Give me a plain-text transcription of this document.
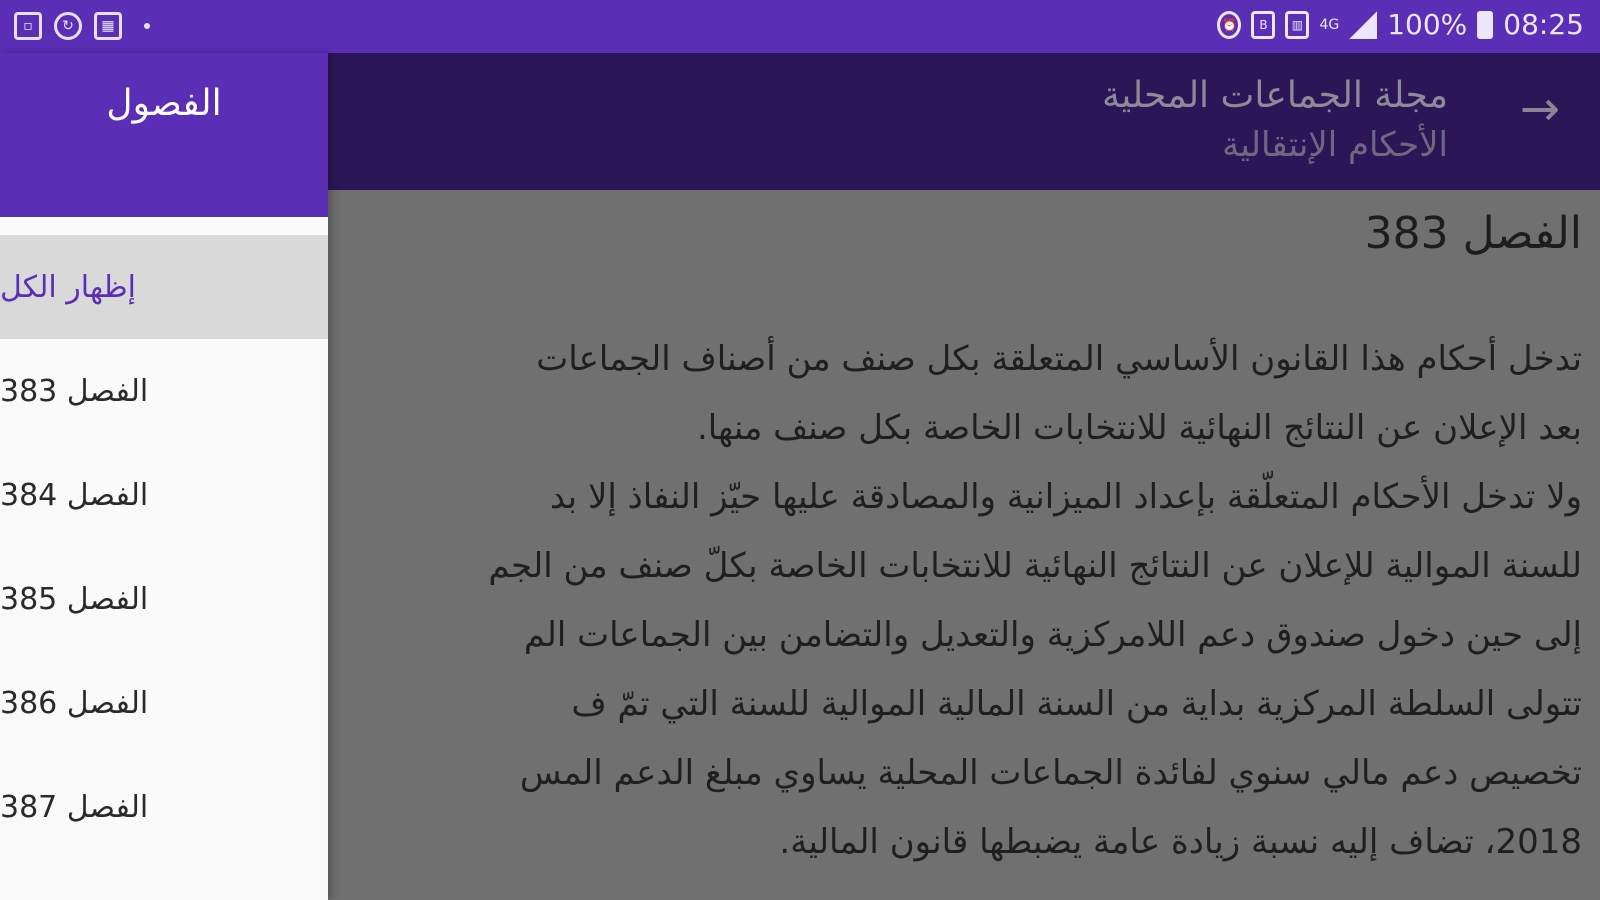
▫	↻	▦	⏰	B	▥	4G 100% 08:25
مجلة الجماعات المحلية
الأحكام الإنتقالية
→
الفصل 383
تدخل أحكام هذا القانون الأساسي المتعلقة بكل صنف من أصناف الجماعات
بعد الإعلان عن النتائج النهائية للانتخابات الخاصة بكل صنف منها.
ولا تدخل الأحكام المتعلّقة بإعداد الميزانية والمصادقة عليها حيّز النفاذ إلا بد
للسنة الموالية للإعلان عن النتائج النهائية للانتخابات الخاصة بكلّ صنف من الجم
إلى حين دخول صندوق دعم اللامركزية والتعديل والتضامن بين الجماعات الم
تتولى السلطة المركزية بداية من السنة المالية الموالية للسنة التي تمّ ف
تخصيص دعم مالي سنوي لفائدة الجماعات المحلية يساوي مبلغ الدعم المس
2018، تضاف إليه نسبة زيادة عامة يضبطها قانون المالية.
الفصول
إظهار الكل
الفصل 383
الفصل 384
الفصل 385
الفصل 386
الفصل 387
